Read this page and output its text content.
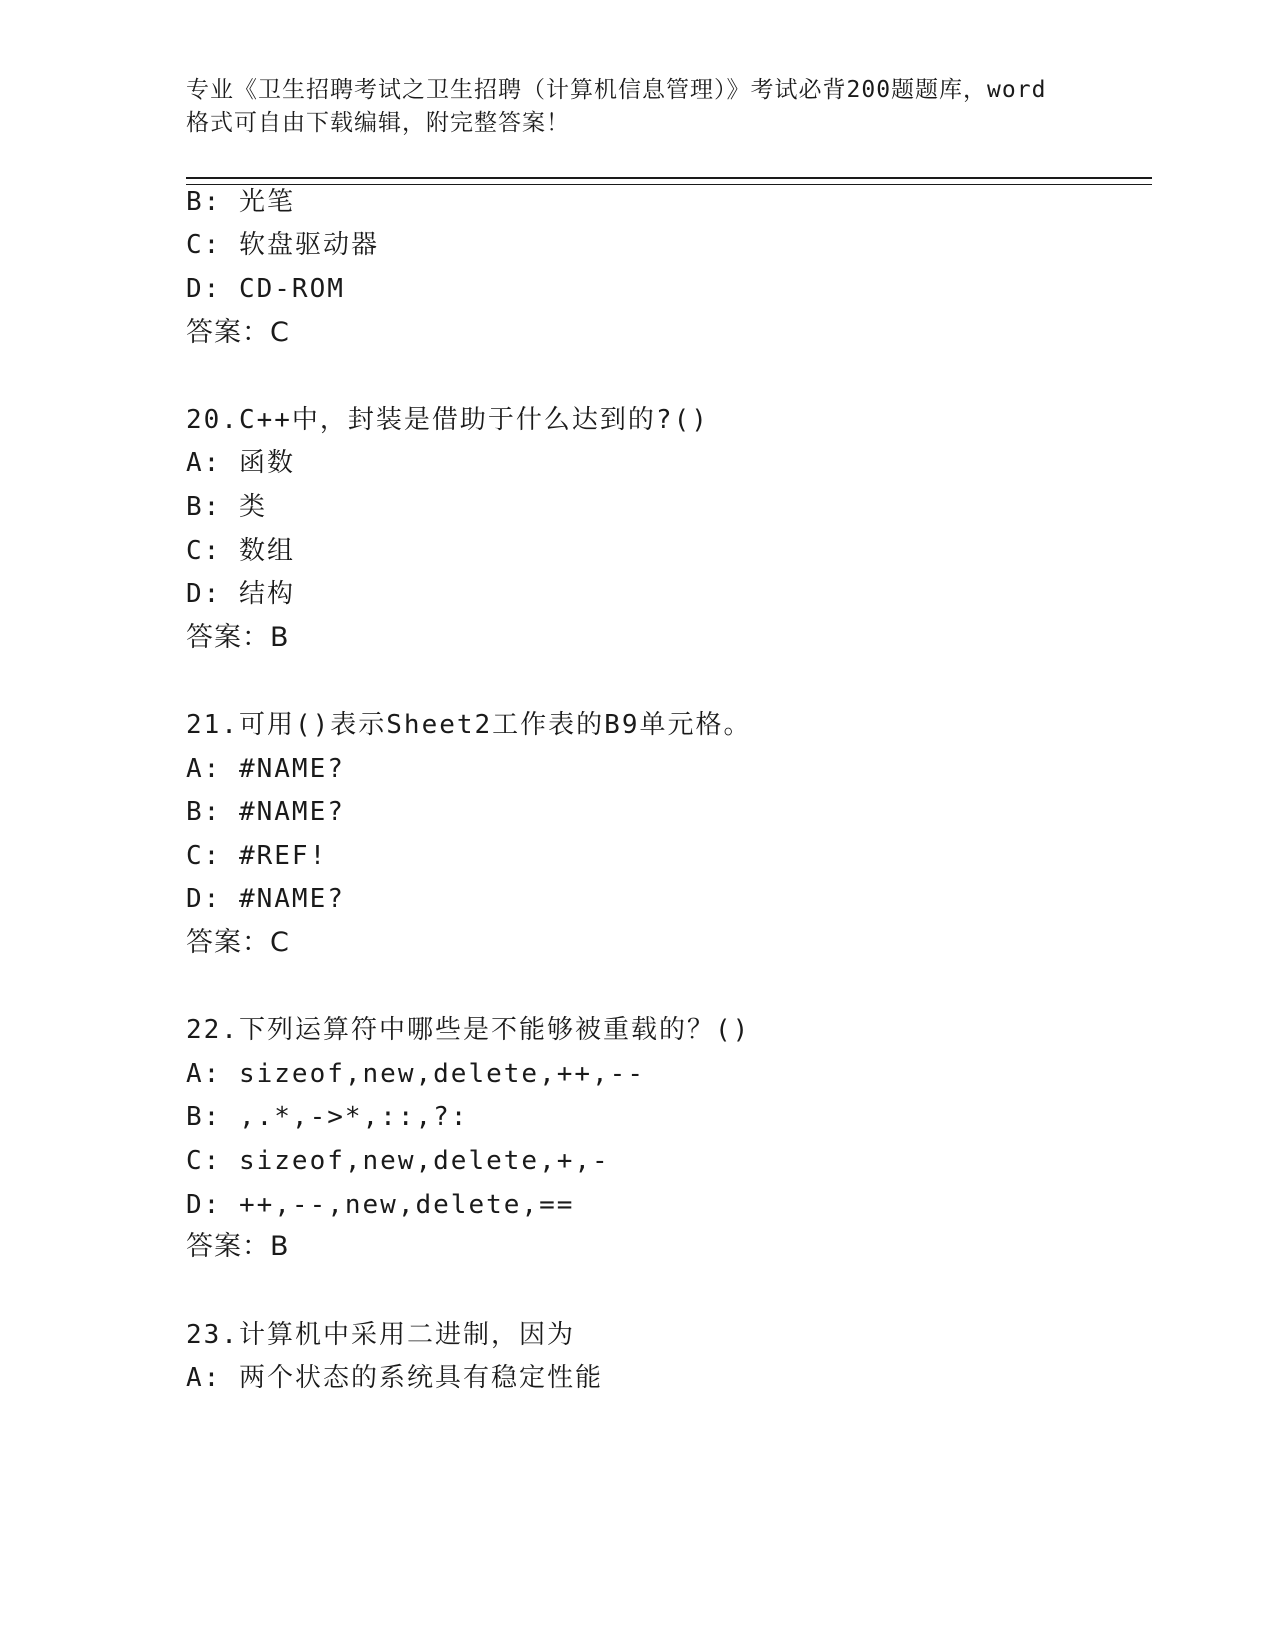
专业《卫生招聘考试之卫生招聘（计算机信息管理）》考试必背200题题库，word
格式可自由下载编辑，附完整答案！
B: 光笔
C: 软盘驱动器
D: CD-ROM
答案：C
20.C++中，封装是借助于什么达到的?()
A: 函数
B: 类
C: 数组
D: 结构
答案：B
21.可用()表示Sheet2工作表的B9单元格。
A: #NAME?
B: #NAME?
C: #REF!
D: #NAME?
答案：C
22.下列运算符中哪些是不能够被重载的？()
A: sizeof,new,delete,++,--
B: ,.*,->*,::,?:
C: sizeof,new,delete,+,-
D: ++,--,new,delete,==
答案：B
23.计算机中采用二进制，因为
A: 两个状态的系统具有稳定性能
